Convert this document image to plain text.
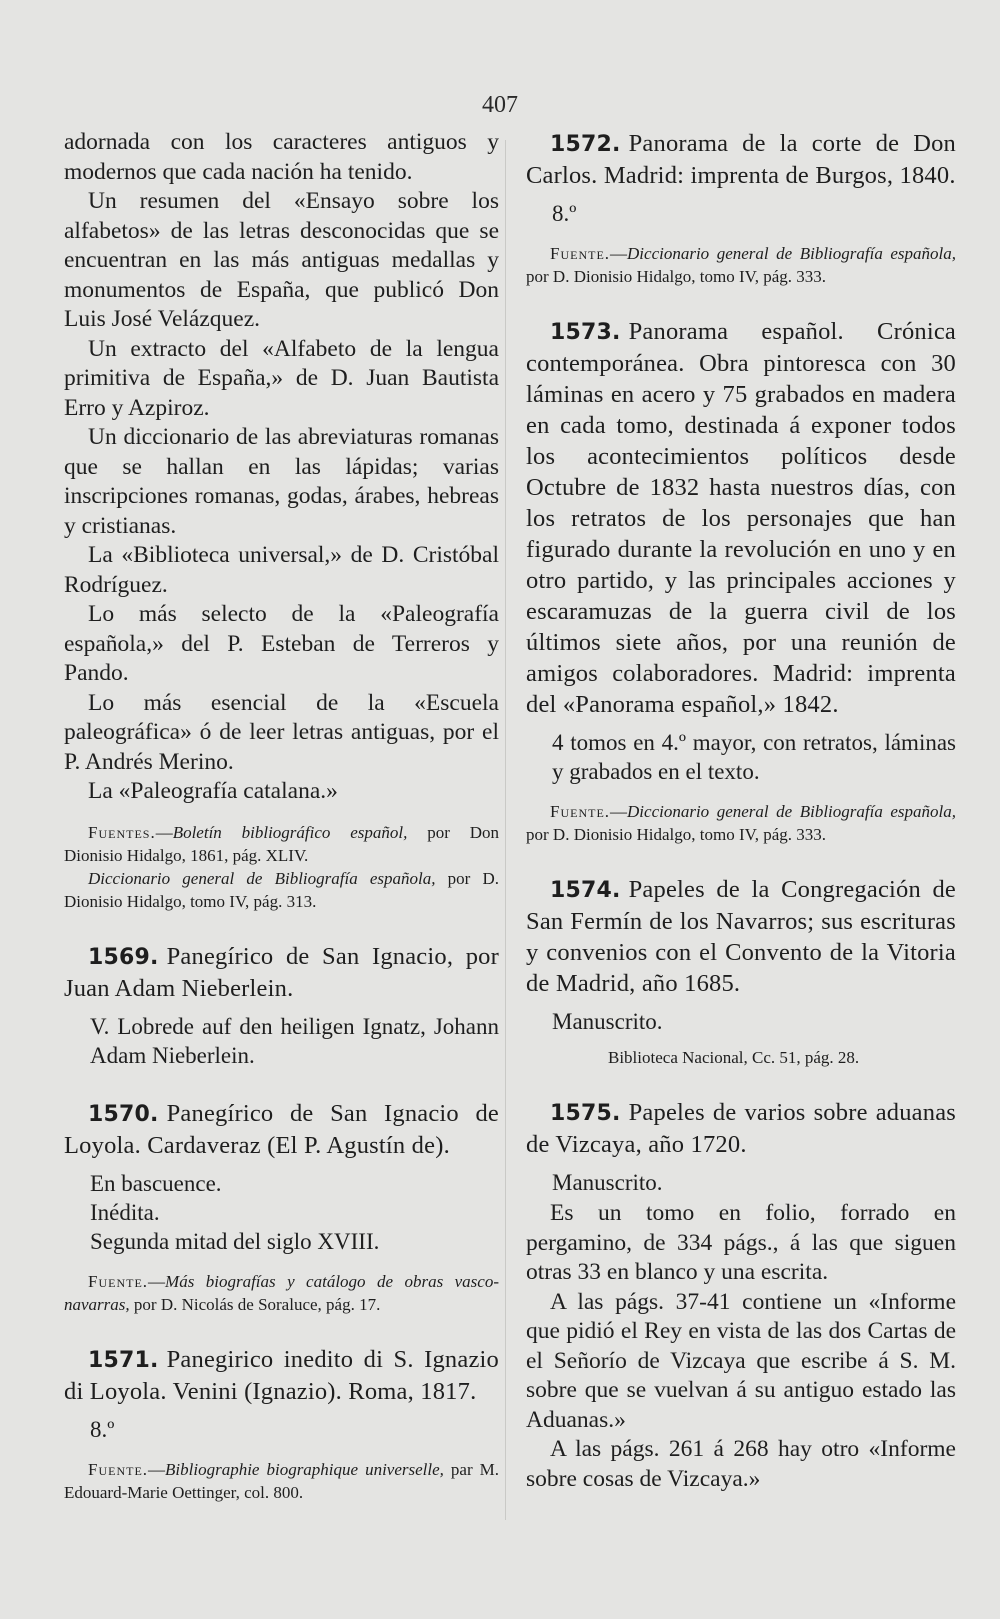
407

adornada con los caracteres antiguos y modernos que cada nación ha tenido.

Un resumen del «Ensayo sobre los alfabetos» de las letras desconocidas que se encuentran en las más antiguas medallas y monumentos de España, que publicó Don Luis José Velázquez.

Un extracto del «Alfabeto de la lengua primitiva de España,» de D. Juan Bautista Erro y Azpiroz.

Un diccionario de las abreviaturas romanas que se hallan en las lápidas; varias inscripciones romanas, godas, árabes, hebreas y cristianas.

La «Biblioteca universal,» de D. Cristóbal Rodríguez.

Lo más selecto de la «Paleografía española,» del P. Esteban de Terreros y Pando.

Lo más esencial de la «Escuela paleográfica» ó de leer letras antiguas, por el P. Andrés Merino.

La «Paleografía catalana.»

Fuentes.—Boletín bibliográfico español, por Don Dionisio Hidalgo, 1861, pág. XLIV.
Diccionario general de Bibliografía española, por D. Dionisio Hidalgo, tomo IV, pág. 313.

1569. Panegírico de San Ignacio, por Juan Adam Nieberlein.

V. Lobrede auf den heiligen Ignatz, Johann Adam Nieberlein.

1570. Panegírico de San Ignacio de Loyola. Cardaveraz (El P. Agustín de).

En bascuence.

Inédita.

Segunda mitad del siglo XVIII.

Fuente.—Más biografías y catálogo de obras vasco-navarras, por D. Nicolás de Soraluce, pág. 17.

1571. Panegirico inedito di S. Ignazio di Loyola. Venini (Ignazio). Roma, 1817.

8.º

Fuente.—Bibliographie biographique universelle, par M. Edouard-Marie Oettinger, col. 800.

1572. Panorama de la corte de Don Carlos. Madrid: imprenta de Burgos, 1840.

8.º

Fuente.—Diccionario general de Bibliografía española, por D. Dionisio Hidalgo, tomo IV, pág. 333.

1573. Panorama español. Crónica contemporánea. Obra pintoresca con 30 láminas en acero y 75 grabados en madera en cada tomo, destinada á exponer todos los acontecimientos políticos desde Octubre de 1832 hasta nuestros días, con los retratos de los personajes que han figurado durante la revolución en uno y en otro partido, y las principales acciones y escaramuzas de la guerra civil de los últimos siete años, por una reunión de amigos colaboradores. Madrid: imprenta del «Panorama español,» 1842.

4 tomos en 4.º mayor, con retratos, láminas y grabados en el texto.

Fuente.—Diccionario general de Bibliografía española, por D. Dionisio Hidalgo, tomo IV, pág. 333.

1574. Papeles de la Congregación de San Fermín de los Navarros; sus escrituras y convenios con el Convento de la Vitoria de Madrid, año 1685.

Manuscrito.

Biblioteca Nacional, Cc. 51, pág. 28.

1575. Papeles de varios sobre aduanas de Vizcaya, año 1720.

Manuscrito.

Es un tomo en folio, forrado en pergamino, de 334 págs., á las que siguen otras 33 en blanco y una escrita.

A las págs. 37-41 contiene un «Informe que pidió el Rey en vista de las dos Cartas de el Señorío de Vizcaya que escribe á S. M. sobre que se vuelvan á su antiguo estado las Aduanas.»

A las págs. 261 á 268 hay otro «Informe sobre cosas de Vizcaya.»
